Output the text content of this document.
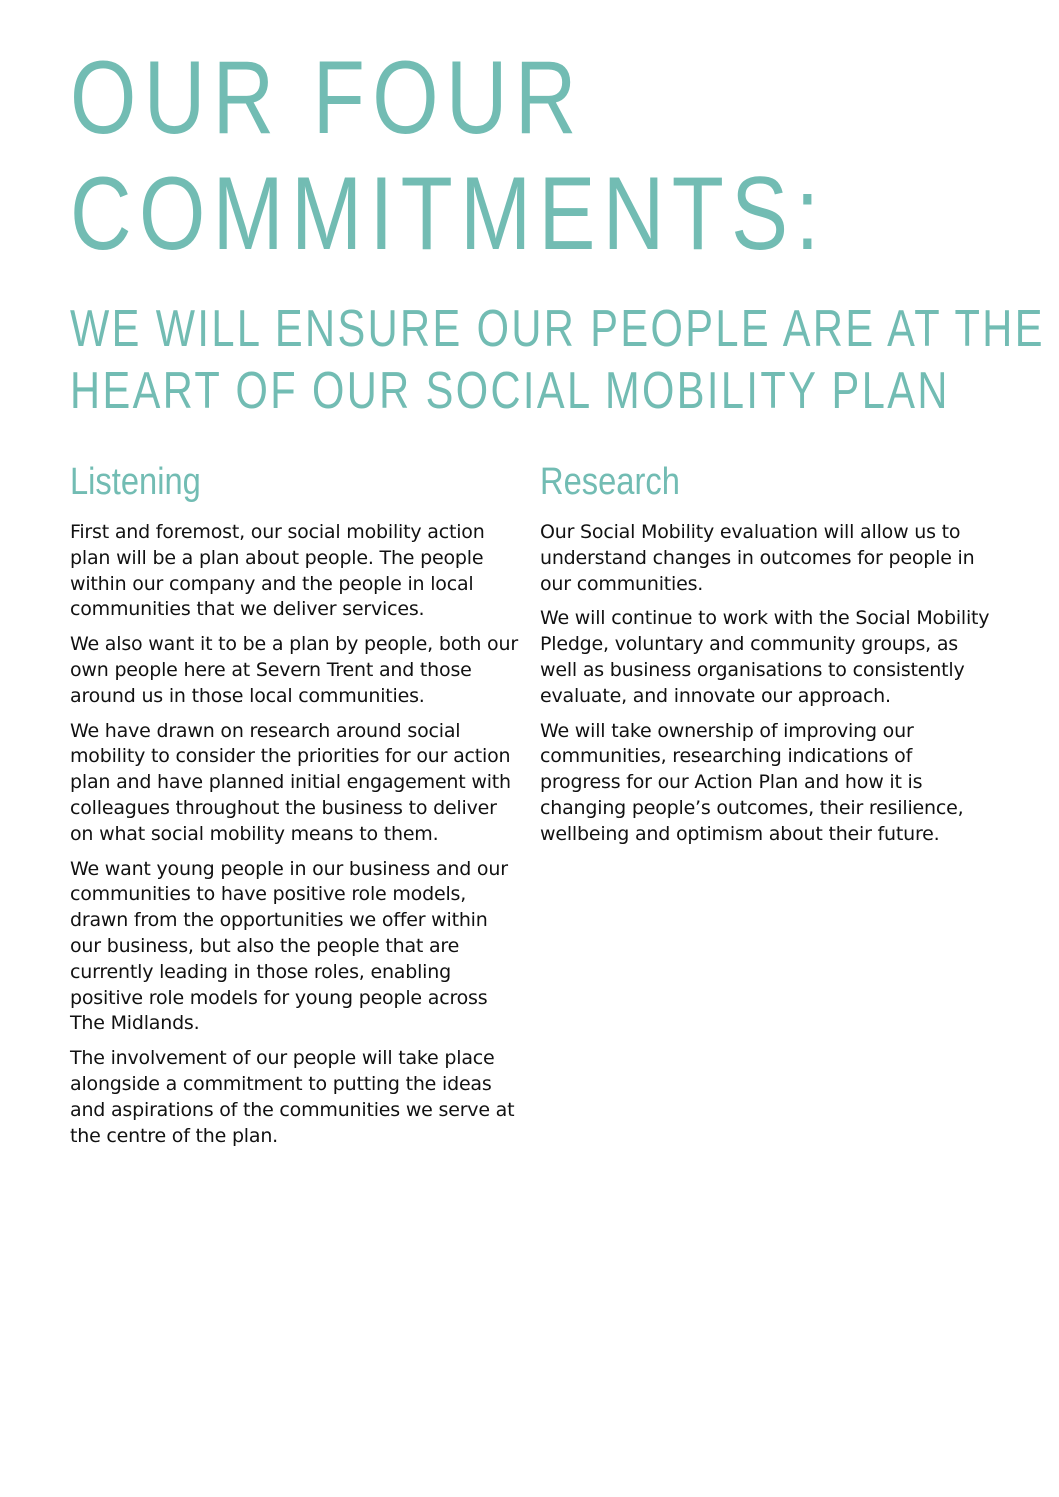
OUR FOUR
COMMITMENTS:
WE WILL ENSURE OUR PEOPLE ARE AT THE
HEART OF OUR SOCIAL MOBILITY PLAN
Listening

First and foremost, our social mobility action plan will be a plan about people. The people within our company and the people in local communities that we deliver services.

We also want it to be a plan by people, both our own people here at Severn Trent and those around us in those local communities.

We have drawn on research around social mobility to consider the priorities for our action plan and have planned initial engagement with colleagues throughout the business to deliver on what social mobility means to them.

We want young people in our business and our communities to have positive role models, drawn from the opportunities we offer within our business, but also the people that are currently leading in those roles, enabling positive role models for young people across The Midlands.

The involvement of our people will take place alongside a commitment to putting the ideas and aspirations of the communities we serve at the centre of the plan.

Research

Our Social Mobility evaluation will allow us to understand changes in outcomes for people in our communities.

We will continue to work with the Social Mobility Pledge, voluntary and community groups, as well as business organisations to consistently evaluate, and innovate our approach.

We will take ownership of improving our communities, researching indications of progress for our Action Plan and how it is changing people’s outcomes, their resilience, wellbeing and optimism about their future.
